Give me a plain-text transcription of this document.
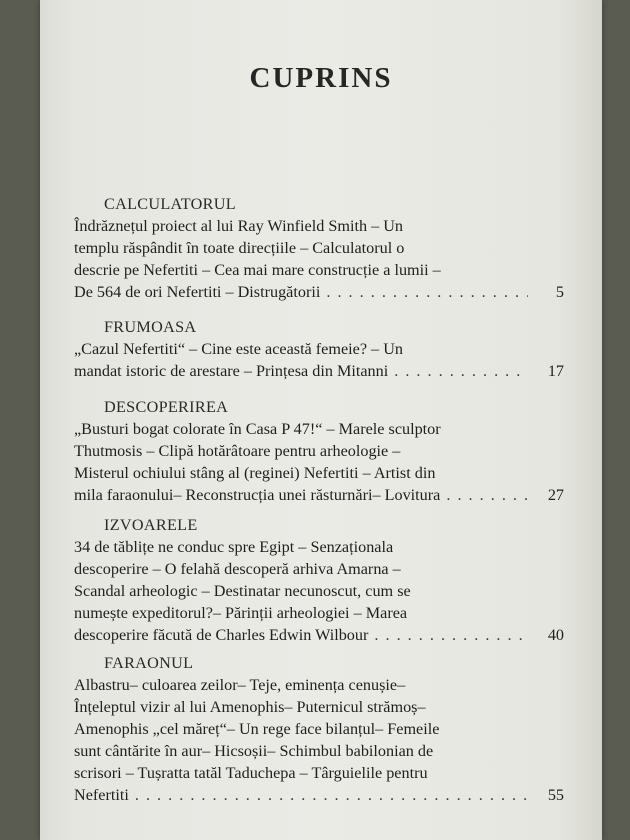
CUPRINS
CALCULATORUL
Îndrăznețul proiect al lui Ray Winfield Smith – Un
templu răspândit în toate direcțiile – Calculatorul o
descrie pe Nefertiti – Cea mai mare construcție a lumii –
De 564 de ori Nefertiti – Distrugătorii . . .	5
FRUMOASA
„Cazul Nefertiti“ – Cine este această femeie? – Un
mandat istoric de arestare – Prințesa din Mitanni . . .	17
DESCOPERIREA
„Busturi bogat colorate în Casa P 47!“ – Marele sculptor
Thutmosis – Clipă hotărâtoare pentru arheologie –
Misterul ochiului stâng al (reginei) Nefertiti – Artist din
mila faraonului– Reconstrucția unei răsturnări– Lovitura . . .	27
IZVOARELE
34 de tăblițe ne conduc spre Egipt – Senzaționala
descoperire – O felahă descoperă arhiva Amarna –
Scandal arheologic – Destinatar necunoscut, cum se
numește expeditorul?– Părinții arheologiei – Marea
descoperire făcută de Charles Edwin Wilbour . . .	40
FARAONUL
Albastru– culoarea zeilor– Teje, eminența cenușie–
Înțeleptul vizir al lui Amenophis– Puternicul strămoș–
Amenophis „cel măreț“– Un rege face bilanțul– Femeile
sunt cântărite în aur– Hicsoșii– Schimbul babilonian de
scrisori – Tușratta tatăl Taduchepa – Târguielile pentru
Nefertiti . . .	55
